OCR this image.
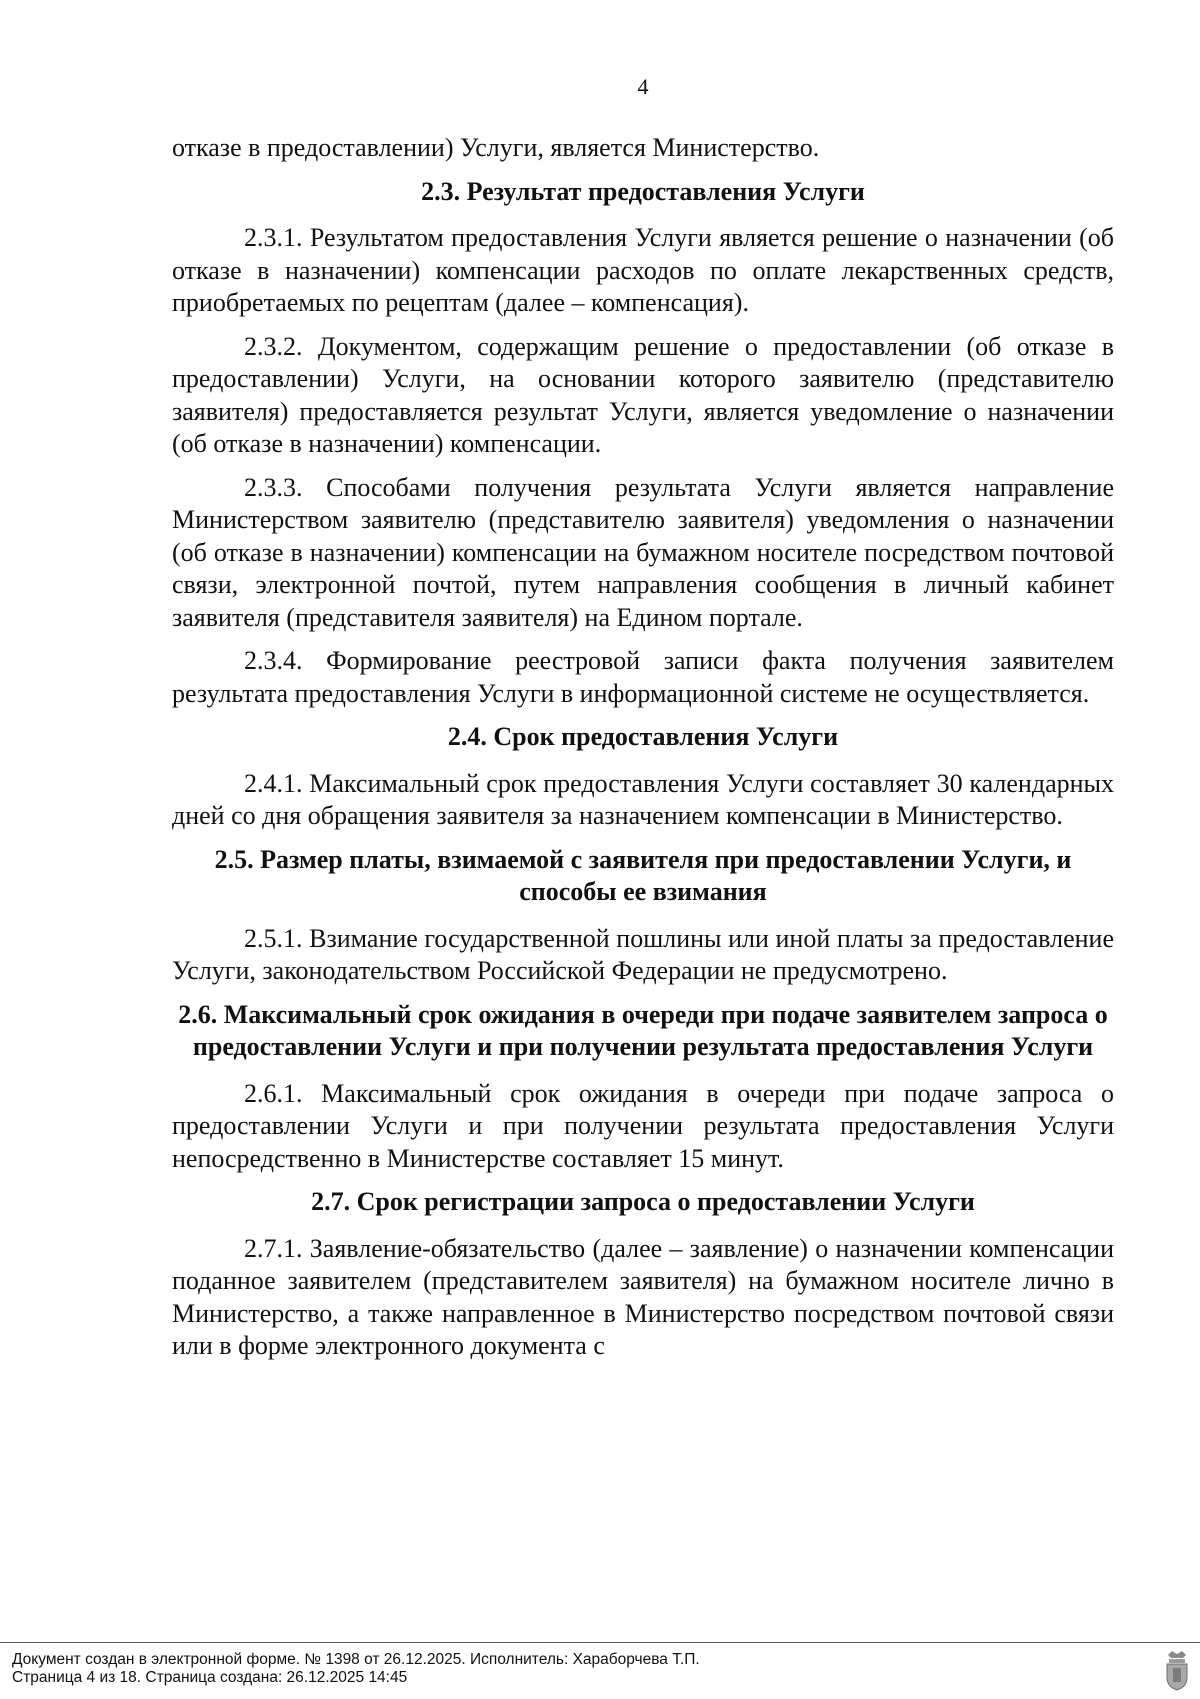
4

отказе в предоставлении) Услуги, является Министерство.

2.3. Результат предоставления Услуги

2.3.1. Результатом предоставления Услуги является решение о назначении (об отказе в назначении) компенсации расходов по оплате лекарственных средств, приобретаемых по рецептам (далее – компенсация).

2.3.2. Документом, содержащим решение о предоставлении (об отказе в предоставлении) Услуги, на основании которого заявителю (представителю заявителя) предоставляется результат Услуги, является уведомление о назначении (об отказе в назначении) компенсации.

2.3.3. Способами получения результата Услуги является направление Министерством заявителю (представителю заявителя) уведомления о назначении (об отказе в назначении) компенсации на бумажном носителе посредством почтовой связи, электронной почтой, путем направления сообщения в личный кабинет заявителя (представителя заявителя) на Едином портале.

2.3.4. Формирование реестровой записи факта получения заявителем результата предоставления Услуги в информационной системе не осуществляется.

2.4. Срок предоставления Услуги

2.4.1. Максимальный срок предоставления Услуги составляет 30 календарных дней со дня обращения заявителя за назначением компенсации в Министерство.

2.5. Размер платы, взимаемой с заявителя при предоставлении Услуги, и способы ее взимания

2.5.1. Взимание государственной пошлины или иной платы за предоставление Услуги, законодательством Российской Федерации не предусмотрено.

2.6. Максимальный срок ожидания в очереди при подаче заявителем запроса о предоставлении Услуги и при получении результата предоставления Услуги

2.6.1. Максимальный срок ожидания в очереди при подаче запроса о предоставлении Услуги и при получении результата предоставления Услуги непосредственно в Министерстве составляет 15 минут.

2.7. Срок регистрации запроса о предоставлении Услуги

2.7.1. Заявление-обязательство (далее – заявление) о назначении компенсации поданное заявителем (представителем заявителя) на бумажном носителе лично в Министерство, а также направленное в Министерство посредством почтовой связи или в форме электронного документа с

Документ создан в электронной форме. № 1398 от 26.12.2025. Исполнитель: Хараборчева Т.П.
Страница 4 из 18. Страница создана: 26.12.2025 14:45
